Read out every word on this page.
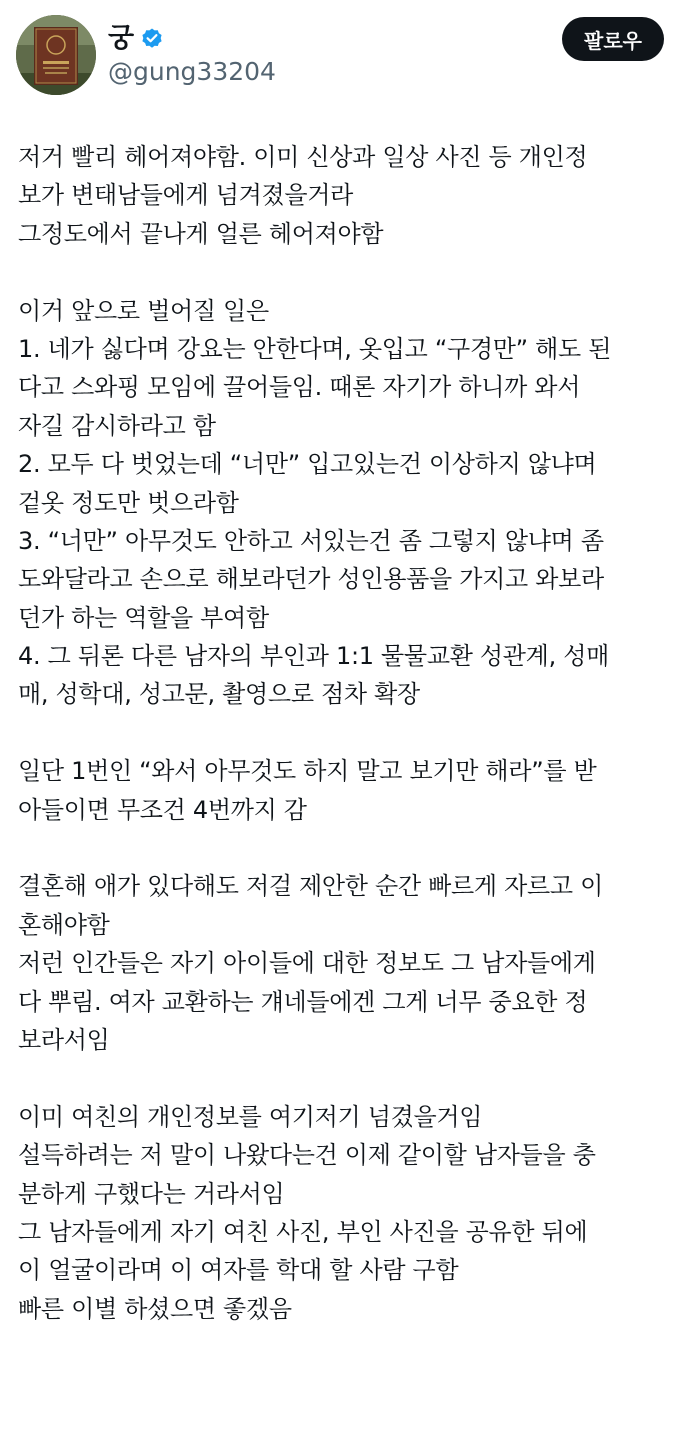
궁
@gung33204
팔로우
저거 빨리 헤어져야함. 이미 신상과 일상 사진 등 개인정
보가 변태남들에게 넘겨졌을거라
그정도에서 끝나게 얼른 헤어져야함
이거 앞으로 벌어질 일은
1. 네가 싫다며 강요는 안한다며, 옷입고 “구경만” 해도 된
다고 스와핑 모임에 끌어들임. 때론 자기가 하니까 와서
자길 감시하라고 함
2. 모두 다 벗었는데 “너만” 입고있는건 이상하지 않냐며
겉옷 정도만 벗으라함
3. “너만” 아무것도 안하고 서있는건 좀 그렇지 않냐며 좀
도와달라고 손으로 해보라던가 성인용품을 가지고 와보라
던가 하는 역할을 부여함
4. 그 뒤론 다른 남자의 부인과 1:1 물물교환 성관계, 성매
매, 성학대, 성고문, 촬영으로 점차 확장
일단 1번인 “와서 아무것도 하지 말고 보기만 해라”를 받
아들이면 무조건 4번까지 감
결혼해 애가 있다해도 저걸 제안한 순간 빠르게 자르고 이
혼해야함
저런 인간들은 자기 아이들에 대한 정보도 그 남자들에게
다 뿌림. 여자 교환하는 걔네들에겐 그게 너무 중요한 정
보라서임
이미 여친의 개인정보를 여기저기 넘겼을거임
설득하려는 저 말이 나왔다는건 이제 같이할 남자들을 충
분하게 구했다는 거라서임
그 남자들에게 자기 여친 사진, 부인 사진을 공유한 뒤에
이 얼굴이라며 이 여자를 학대 할 사람 구함
빠른 이별 하셨으면 좋겠음
